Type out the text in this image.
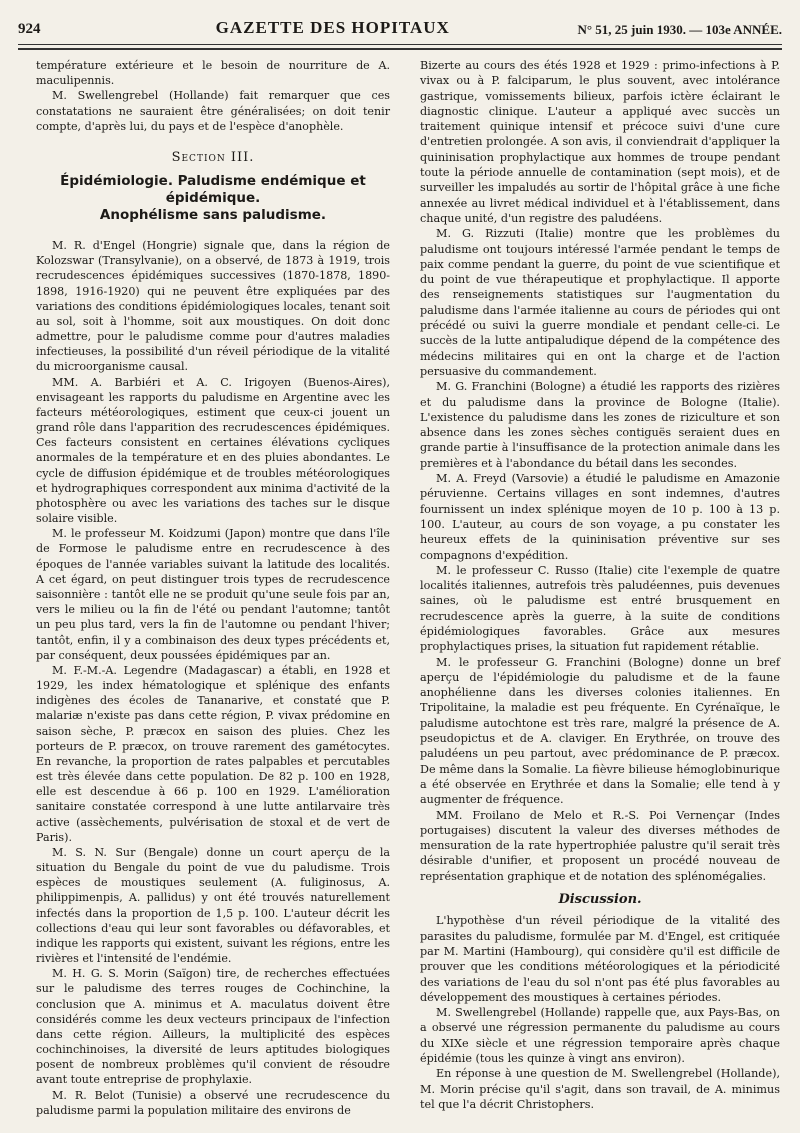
924	GAZETTE DES HOPITAUX	N° 51, 25 juin 1930. — 103e ANNÉE.

température extérieure et le besoin de nourriture de A. maculipennis.

M. Swellengrebel (Hollande) fait remarquer que ces constatations ne sauraient être généralisées; on doit tenir compte, d'après lui, du pays et de l'espèce d'anophèle.

Section III.
Épidémiologie. Paludisme endémique et épidémique.
Anophélisme sans paludisme.

M. R. d'Engel (Hongrie) signale que, dans la région de Kolozswar (Transylvanie), on a observé, de 1873 à 1919, trois recrudescences épidémiques successives (1870-1878, 1890-1898, 1916-1920) qui ne peuvent être expliquées par des variations des conditions épidémiologiques locales, tenant soit au sol, soit à l'homme, soit aux moustiques. On doit donc admettre, pour le paludisme comme pour d'autres maladies infectieuses, la possibilité d'un réveil périodique de la vitalité du microorganisme causal.

MM. A. Barbiéri et A. C. Irigoyen (Buenos-Aires), envisageant les rapports du paludisme en Argentine avec les facteurs météorologiques, estiment que ceux-ci jouent un grand rôle dans l'apparition des recrudescences épidémiques. Ces facteurs consistent en certaines élévations cycliques anormales de la température et en des pluies abondantes. Le cycle de diffusion épidémique et de troubles météorologiques et hydrographiques correspondent aux minima d'activité de la photosphère ou avec les variations des taches sur le disque solaire visible.

M. le professeur M. Koidzumi (Japon) montre que dans l'île de Formose le paludisme entre en recrudescence à des époques de l'année variables suivant la latitude des localités. A cet égard, on peut distinguer trois types de recrudescence saisonnière : tantôt elle ne se produit qu'une seule fois par an, vers le milieu ou la fin de l'été ou pendant l'automne; tantôt un peu plus tard, vers la fin de l'automne ou pendant l'hiver; tantôt, enfin, il y a combinaison des deux types précédents et, par conséquent, deux poussées épidémiques par an.

M. F.-M.-A. Legendre (Madagascar) a établi, en 1928 et 1929, les index hématologique et splénique des enfants indigènes des écoles de Tananarive, et constaté que P. malariæ n'existe pas dans cette région, P. vivax prédomine en saison sèche, P. præcox en saison des pluies. Chez les porteurs de P. præcox, on trouve rarement des gamétocytes. En revanche, la proportion de rates palpables et percutables est très élevée dans cette population. De 82 p. 100 en 1928, elle est descendue à 66 p. 100 en 1929. L'amélioration sanitaire constatée correspond à une lutte antilarvaire très active (assèchements, pulvérisation de stoxal et de vert de Paris).

M. S. N. Sur (Bengale) donne un court aperçu de la situation du Bengale du point de vue du paludisme. Trois espèces de moustiques seulement (A. fuliginosus, A. philippimenpis, A. pallidus) y ont été trouvés naturellement infectés dans la proportion de 1,5 p. 100. L'auteur décrit les collections d'eau qui leur sont favorables ou défavorables, et indique les rapports qui existent, suivant les régions, entre les rivières et l'intensité de l'endémie.

M. H. G. S. Morin (Saïgon) tire, de recherches effectuées sur le paludisme des terres rouges de Cochinchine, la conclusion que A. minimus et A. maculatus doivent être considérés comme les deux vecteurs principaux de l'infection dans cette région. Ailleurs, la multiplicité des espèces cochinchinoises, la diversité de leurs aptitudes biologiques posent de nombreux problèmes qu'il convient de résoudre avant toute entreprise de prophylaxie.

M. R. Belot (Tunisie) a observé une recrudescence du paludisme parmi la population militaire des environs de

Bizerte au cours des étés 1928 et 1929 : primo-infections à P. vivax ou à P. falciparum, le plus souvent, avec intolérance gastrique, vomissements bilieux, parfois ictère éclairant le diagnostic clinique. L'auteur a appliqué avec succès un traitement quinique intensif et précoce suivi d'une cure d'entretien prolongée. A son avis, il conviendrait d'appliquer la quininisation prophylactique aux hommes de troupe pendant toute la période annuelle de contamination (sept mois), et de surveiller les impaludés au sortir de l'hôpital grâce à une fiche annexée au livret médical individuel et à l'établissement, dans chaque unité, d'un registre des paludéens.

M. G. Rizzuti (Italie) montre que les problèmes du paludisme ont toujours intéressé l'armée pendant le temps de paix comme pendant la guerre, du point de vue scientifique et du point de vue thérapeutique et prophylactique. Il apporte des renseignements statistiques sur l'augmentation du paludisme dans l'armée italienne au cours de périodes qui ont précédé ou suivi la guerre mondiale et pendant celle-ci. Le succès de la lutte antipaludique dépend de la compétence des médecins militaires qui en ont la charge et de l'action persuasive du commandement.

M. G. Franchini (Bologne) a étudié les rapports des rizières et du paludisme dans la province de Bologne (Italie). L'existence du paludisme dans les zones de riziculture et son absence dans les zones sèches contiguës seraient dues en grande partie à l'insuffisance de la protection animale dans les premières et à l'abondance du bétail dans les secondes.

M. A. Freyd (Varsovie) a étudié le paludisme en Amazonie péruvienne. Certains villages en sont indemnes, d'autres fournissent un index splénique moyen de 10 p. 100 à 13 p. 100. L'auteur, au cours de son voyage, a pu constater les heureux effets de la quininisation préventive sur ses compagnons d'expédition.

M. le professeur C. Russo (Italie) cite l'exemple de quatre localités italiennes, autrefois très paludéennes, puis devenues saines, où le paludisme est entré brusquement en recrudescence après la guerre, à la suite de conditions épidémiologiques favorables. Grâce aux mesures prophylactiques prises, la situation fut rapidement rétablie.

M. le professeur G. Franchini (Bologne) donne un bref aperçu de l'épidémiologie du paludisme et de la faune anophélienne dans les diverses colonies italiennes. En Tripolitaine, la maladie est peu fréquente. En Cyrénaïque, le paludisme autochtone est très rare, malgré la présence de A. pseudopictus et de A. claviger. En Erythrée, on trouve des paludéens un peu partout, avec prédominance de P. præcox. De même dans la Somalie. La fièvre bilieuse hémoglobinurique a été observée en Erythrée et dans la Somalie; elle tend à y augmenter de fréquence.

MM. Froilano de Melo et R.-S. Poi Vernençar (Indes portugaises) discutent la valeur des diverses méthodes de mensuration de la rate hypertrophiée palustre qu'il serait très désirable d'unifier, et proposent un procédé nouveau de représentation graphique et de notation des splénomégalies.

Discussion.

L'hypothèse d'un réveil périodique de la vitalité des parasites du paludisme, formulée par M. d'Engel, est critiquée par M. Martini (Hambourg), qui considère qu'il est difficile de prouver que les conditions météorologiques et la périodicité des variations de l'eau du sol n'ont pas été plus favorables au développement des moustiques à certaines périodes.

M. Swellengrebel (Hollande) rappelle que, aux Pays-Bas, on a observé une régression permanente du paludisme au cours du XIXe siècle et une régression temporaire après chaque épidémie (tous les quinze à vingt ans environ).

En réponse à une question de M. Swellengrebel (Hollande), M. Morin précise qu'il s'agit, dans son travail, de A. minimus tel que l'a décrit Christophers.
